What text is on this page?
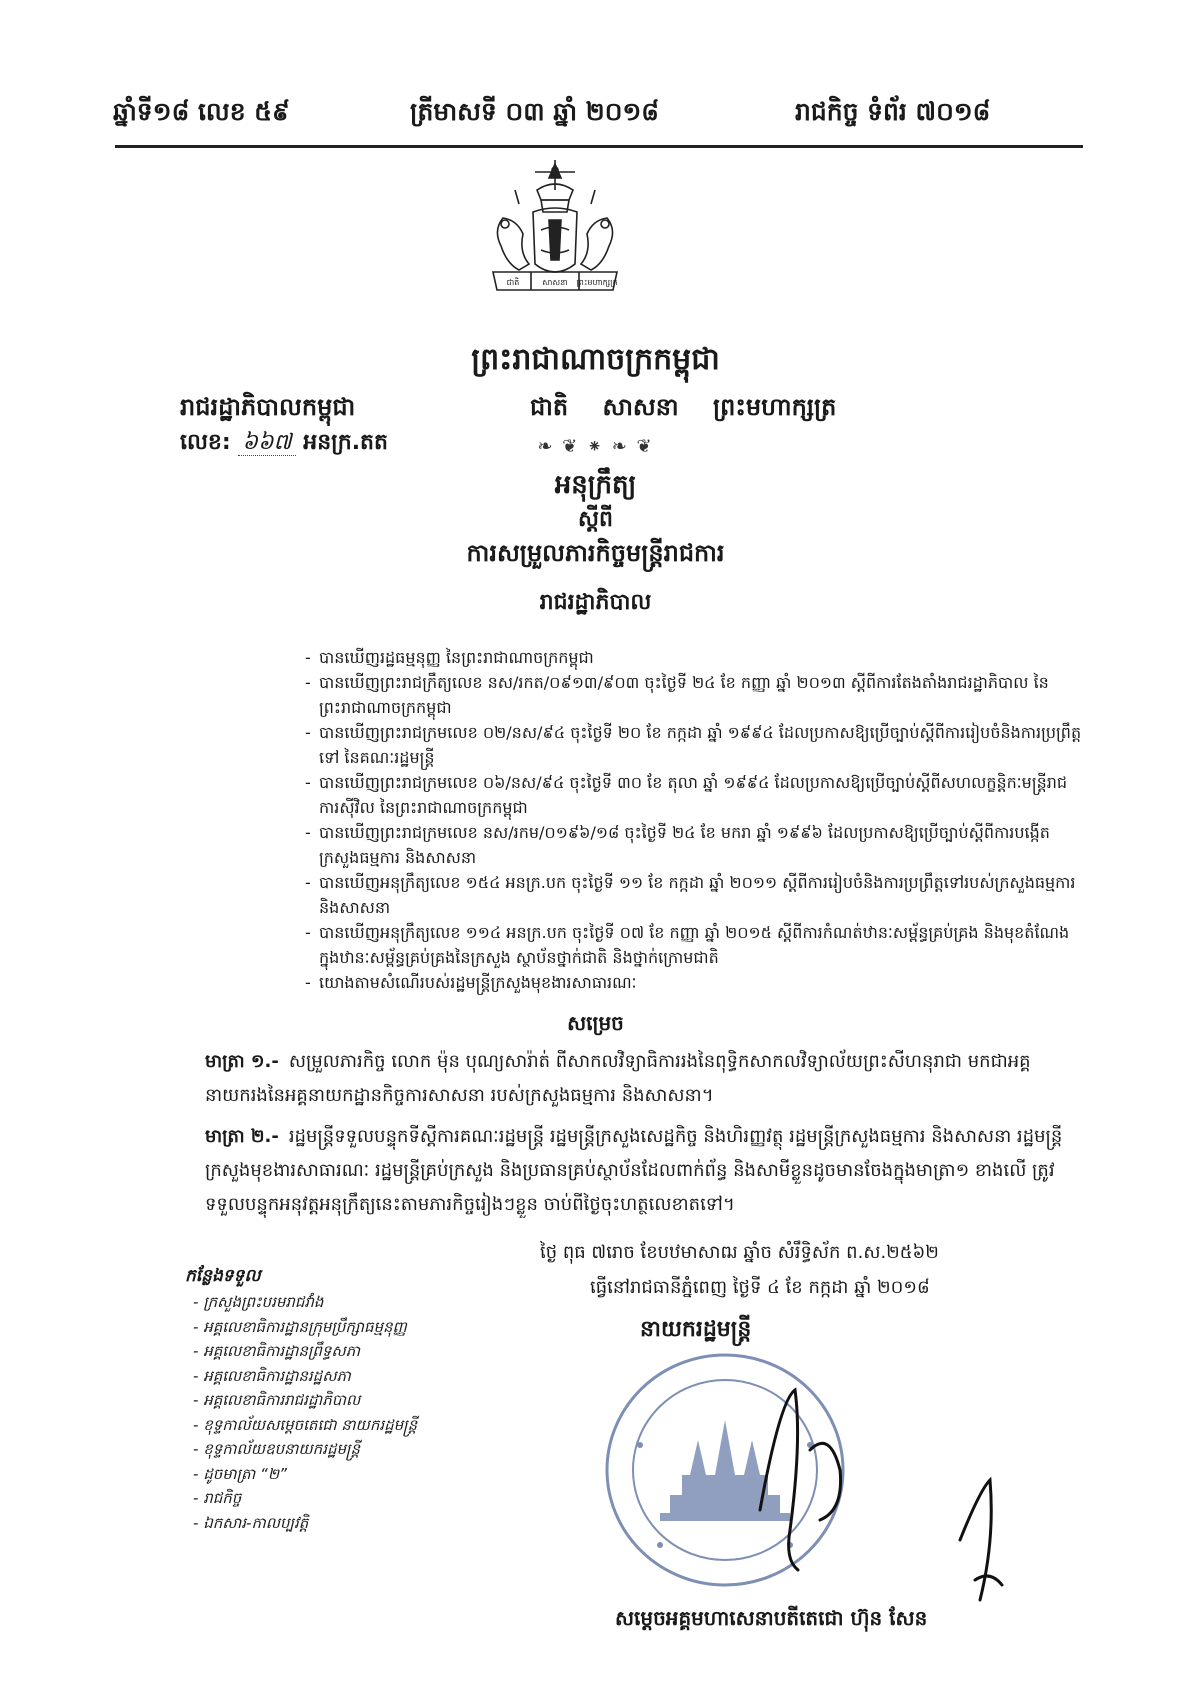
ឆ្នាំទី១៨ លេខ ៥៩	ត្រីមាសទី ០៣ ឆ្នាំ ២០១៨	រាជកិច្ច ទំព័រ ៧០១៨
ជាតិ	សាសនា ព្រះមហាក្សត្រ
ព្រះរាជាណាចក្រកម្ពុជា
រាជរដ្ឋាភិបាលកម្ពុជា	ជាតិ សាសនា ព្រះមហាក្សត្រ
លេខ: ៦៦៧ អនក្រ.តត	❧ ❦ ⁕ ❧ ❦
អនុក្រឹត្យ
ស្តីពី
ការសម្រួលភារកិច្ចមន្ត្រីរាជការ
រាជរដ្ឋាភិបាល
- បានឃើញរដ្ឋធម្មនុញ្ញ នៃព្រះរាជាណាចក្រកម្ពុជា
- បានឃើញព្រះរាជក្រឹត្យលេខ នស/រកត/០៩១៣/៩០៣ ចុះថ្ងៃទី ២៤ ខែ កញ្ញា ឆ្នាំ ២០១៣ ស្តីពីការតែងតាំងរាជរដ្ឋាភិបាល នៃព្រះរាជាណាចក្រកម្ពុជា
- បានឃើញព្រះរាជក្រមលេខ ០២/នស/៩៤ ចុះថ្ងៃទី ២០ ខែ កក្កដា ឆ្នាំ ១៩៩៤ ដែលប្រកាសឱ្យប្រើច្បាប់ស្តីពីការរៀបចំនិងការប្រព្រឹត្តទៅ នៃគណៈរដ្ឋមន្ត្រី
- បានឃើញព្រះរាជក្រមលេខ ០៦/នស/៩៤ ចុះថ្ងៃទី ៣០ ខែ តុលា ឆ្នាំ ១៩៩៤ ដែលប្រកាសឱ្យប្រើច្បាប់ស្តីពីសហលក្ខន្តិកៈមន្ត្រីរាជការស៊ីវិល នៃព្រះរាជាណាចក្រកម្ពុជា
- បានឃើញព្រះរាជក្រមលេខ នស/រកម/០១៩៦/១៨ ចុះថ្ងៃទី ២៤ ខែ មករា ឆ្នាំ ១៩៩៦ ដែលប្រកាសឱ្យប្រើច្បាប់ស្តីពីការបង្កើតក្រសួងធម្មការ និងសាសនា
- បានឃើញអនុក្រឹត្យលេខ ១៥៤ អនក្រ.បក ចុះថ្ងៃទី ១១ ខែ កក្កដា ឆ្នាំ ២០១១ ស្តីពីការរៀបចំនិងការប្រព្រឹត្តទៅរបស់ក្រសួងធម្មការ និងសាសនា
- បានឃើញអនុក្រឹត្យលេខ ១១៤ អនក្រ.បក ចុះថ្ងៃទី ០៧ ខែ កញ្ញា ឆ្នាំ ២០១៥ ស្តីពីការកំណត់ឋានៈសម្ព័ន្ធគ្រប់គ្រង និងមុខតំណែងក្នុងឋានៈសម្ព័ន្ធគ្រប់គ្រងនៃក្រសួង ស្ថាប័នថ្នាក់ជាតិ និងថ្នាក់ក្រោមជាតិ
- យោងតាមសំណើរបស់រដ្ឋមន្ត្រីក្រសួងមុខងារសាធារណៈ
សម្រេច
មាត្រា ១.- សម្រួលភារកិច្ច លោក ម៉ុន បុណ្យសារ៉ាត់ ពីសាកលវិទ្យាធិការរងនៃពុទ្ធិកសាកលវិទ្យាល័យព្រះសីហនុរាជា មកជាអគ្គនាយករងនៃអគ្គនាយកដ្ឋានកិច្ចការសាសនា របស់ក្រសួងធម្មការ និងសាសនា។
មាត្រា ២.- រដ្ឋមន្ត្រីទទួលបន្ទុកទីស្តីការគណៈរដ្ឋមន្ត្រី រដ្ឋមន្ត្រីក្រសួងសេដ្ឋកិច្ច និងហិរញ្ញវត្ថុ រដ្ឋមន្ត្រីក្រសួងធម្មការ និងសាសនា រដ្ឋមន្ត្រីក្រសួងមុខងារសាធារណៈ រដ្ឋមន្ត្រីគ្រប់ក្រសួង និងប្រធានគ្រប់ស្ថាប័នដែលពាក់ព័ន្ធ និងសាមីខ្លួនដូចមានចែងក្នុងមាត្រា១ ខាងលើ ត្រូវទទួលបន្ទុកអនុវត្តអនុក្រឹត្យនេះតាមភារកិច្ចរៀងៗខ្លួន ចាប់ពីថ្ងៃចុះហត្ថលេខាតទៅ។
កន្លែងទទួល
- ក្រសួងព្រះបរមរាជវាំង
- អគ្គលេខាធិការដ្ឋានក្រុមប្រឹក្សាធម្មនុញ្ញ
- អគ្គលេខាធិការដ្ឋានព្រឹទ្ធសភា
- អគ្គលេខាធិការដ្ឋានរដ្ឋសភា
- អគ្គលេខាធិការរាជរដ្ឋាភិបាល
- ខុទ្ទកាល័យសម្តេចតេជោ នាយករដ្ឋមន្ត្រី
- ខុទ្ទកាល័យឧបនាយករដ្ឋមន្ត្រី
- ដូចមាត្រា “២”
- រាជកិច្ច
- ឯកសារ-កាលប្បវត្តិ
ថ្ងៃ ពុធ ៧រោច ខែបឋមាសាឍ ឆ្នាំច សំរឹទ្ធិស័ក ព.ស.២៥៦២
ធ្វើនៅរាជធានីភ្នំពេញ ថ្ងៃទី ៤ ខែ កក្កដា ឆ្នាំ ២០១៨
នាយករដ្ឋមន្ត្រី
សម្តេចអគ្គមហាសេនាបតីតេជោ ហ៊ុន សែន
